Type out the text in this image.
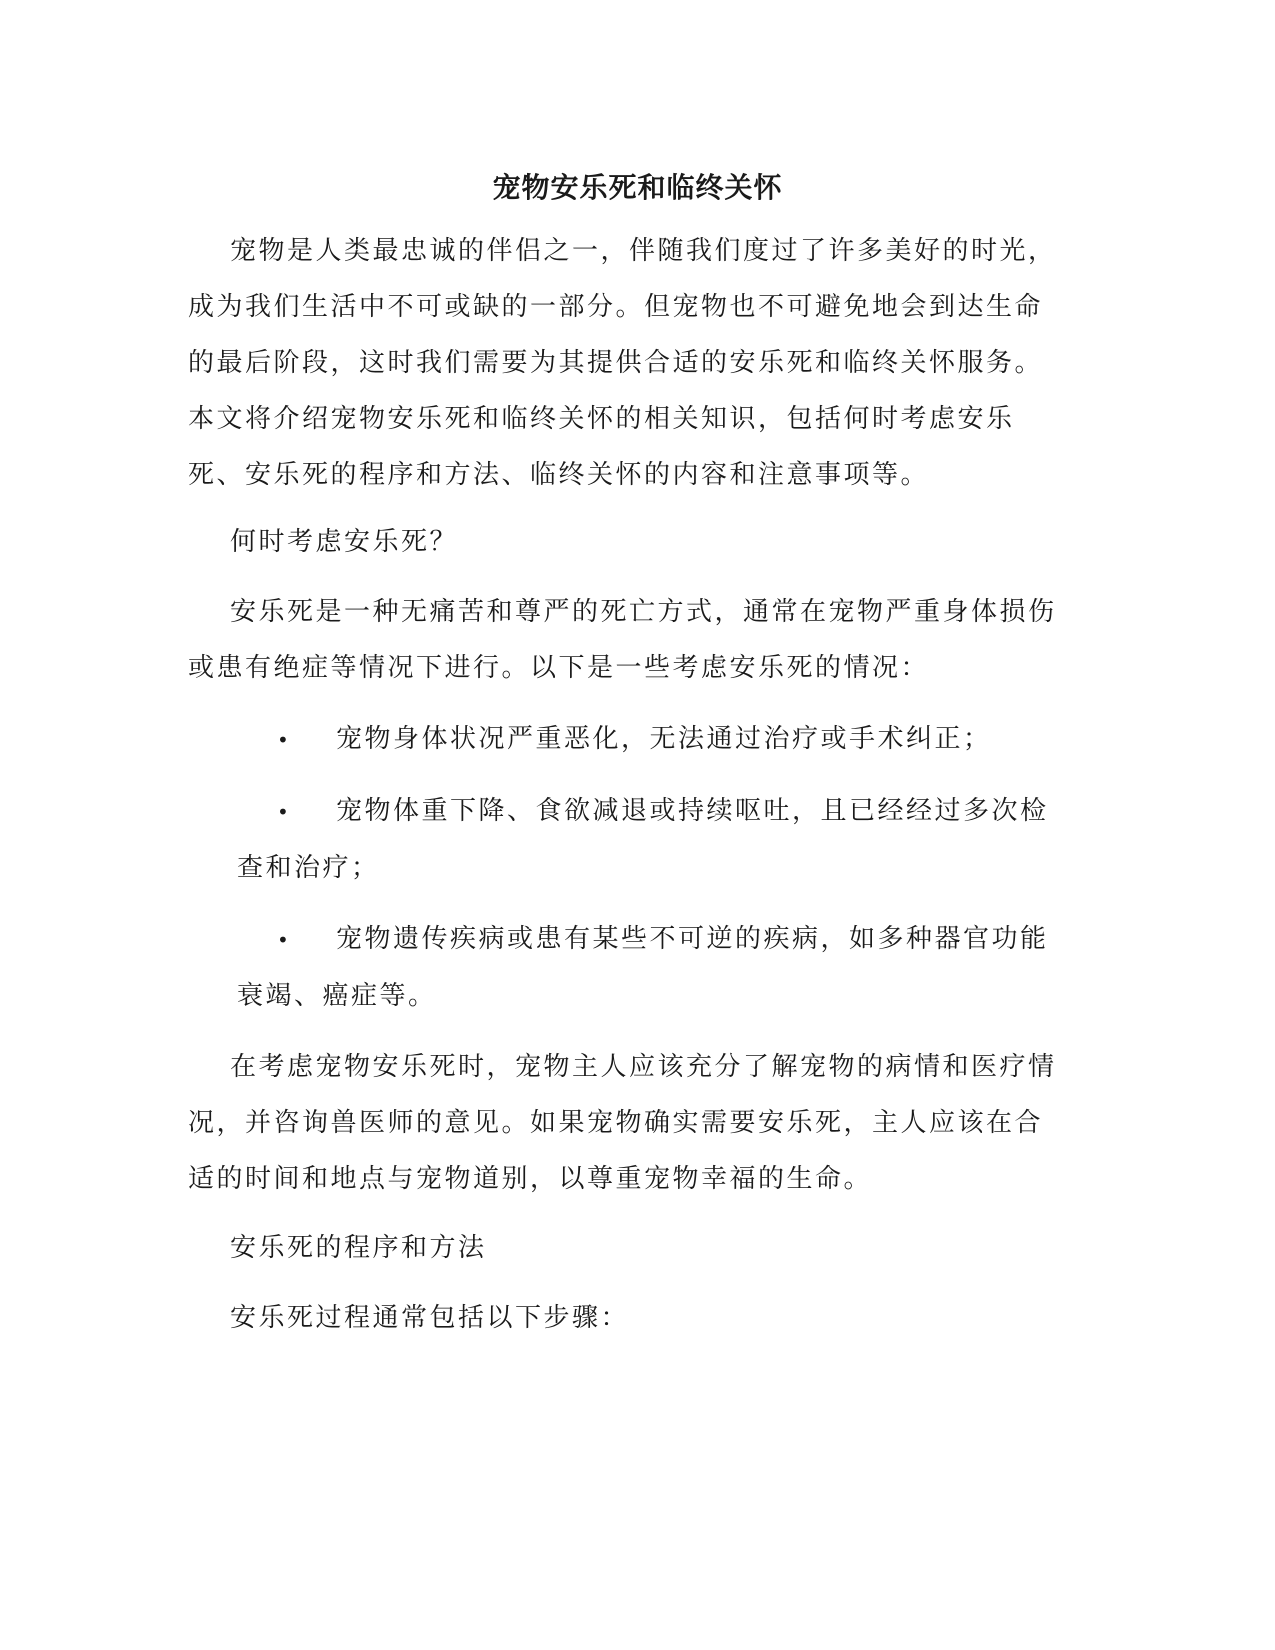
宠物安乐死和临终关怀

宠物是人类最忠诚的伴侣之一，伴随我们度过了许多美好的时光，成为我们生活中不可或缺的一部分。但宠物也不可避免地会到达生命的最后阶段，这时我们需要为其提供合适的安乐死和临终关怀服务。本文将介绍宠物安乐死和临终关怀的相关知识，包括何时考虑安乐死、安乐死的程序和方法、临终关怀的内容和注意事项等。

何时考虑安乐死？

安乐死是一种无痛苦和尊严的死亡方式，通常在宠物严重身体损伤或患有绝症等情况下进行。以下是一些考虑安乐死的情况：

• 宠物身体状况严重恶化，无法通过治疗或手术纠正；
• 宠物体重下降、食欲减退或持续呕吐，且已经经过多次检
查和治疗；
• 宠物遗传疾病或患有某些不可逆的疾病，如多种器官功能
衰竭、癌症等。

在考虑宠物安乐死时，宠物主人应该充分了解宠物的病情和医疗情况，并咨询兽医师的意见。如果宠物确实需要安乐死，主人应该在合适的时间和地点与宠物道别，以尊重宠物幸福的生命。

安乐死的程序和方法

安乐死过程通常包括以下步骤：
